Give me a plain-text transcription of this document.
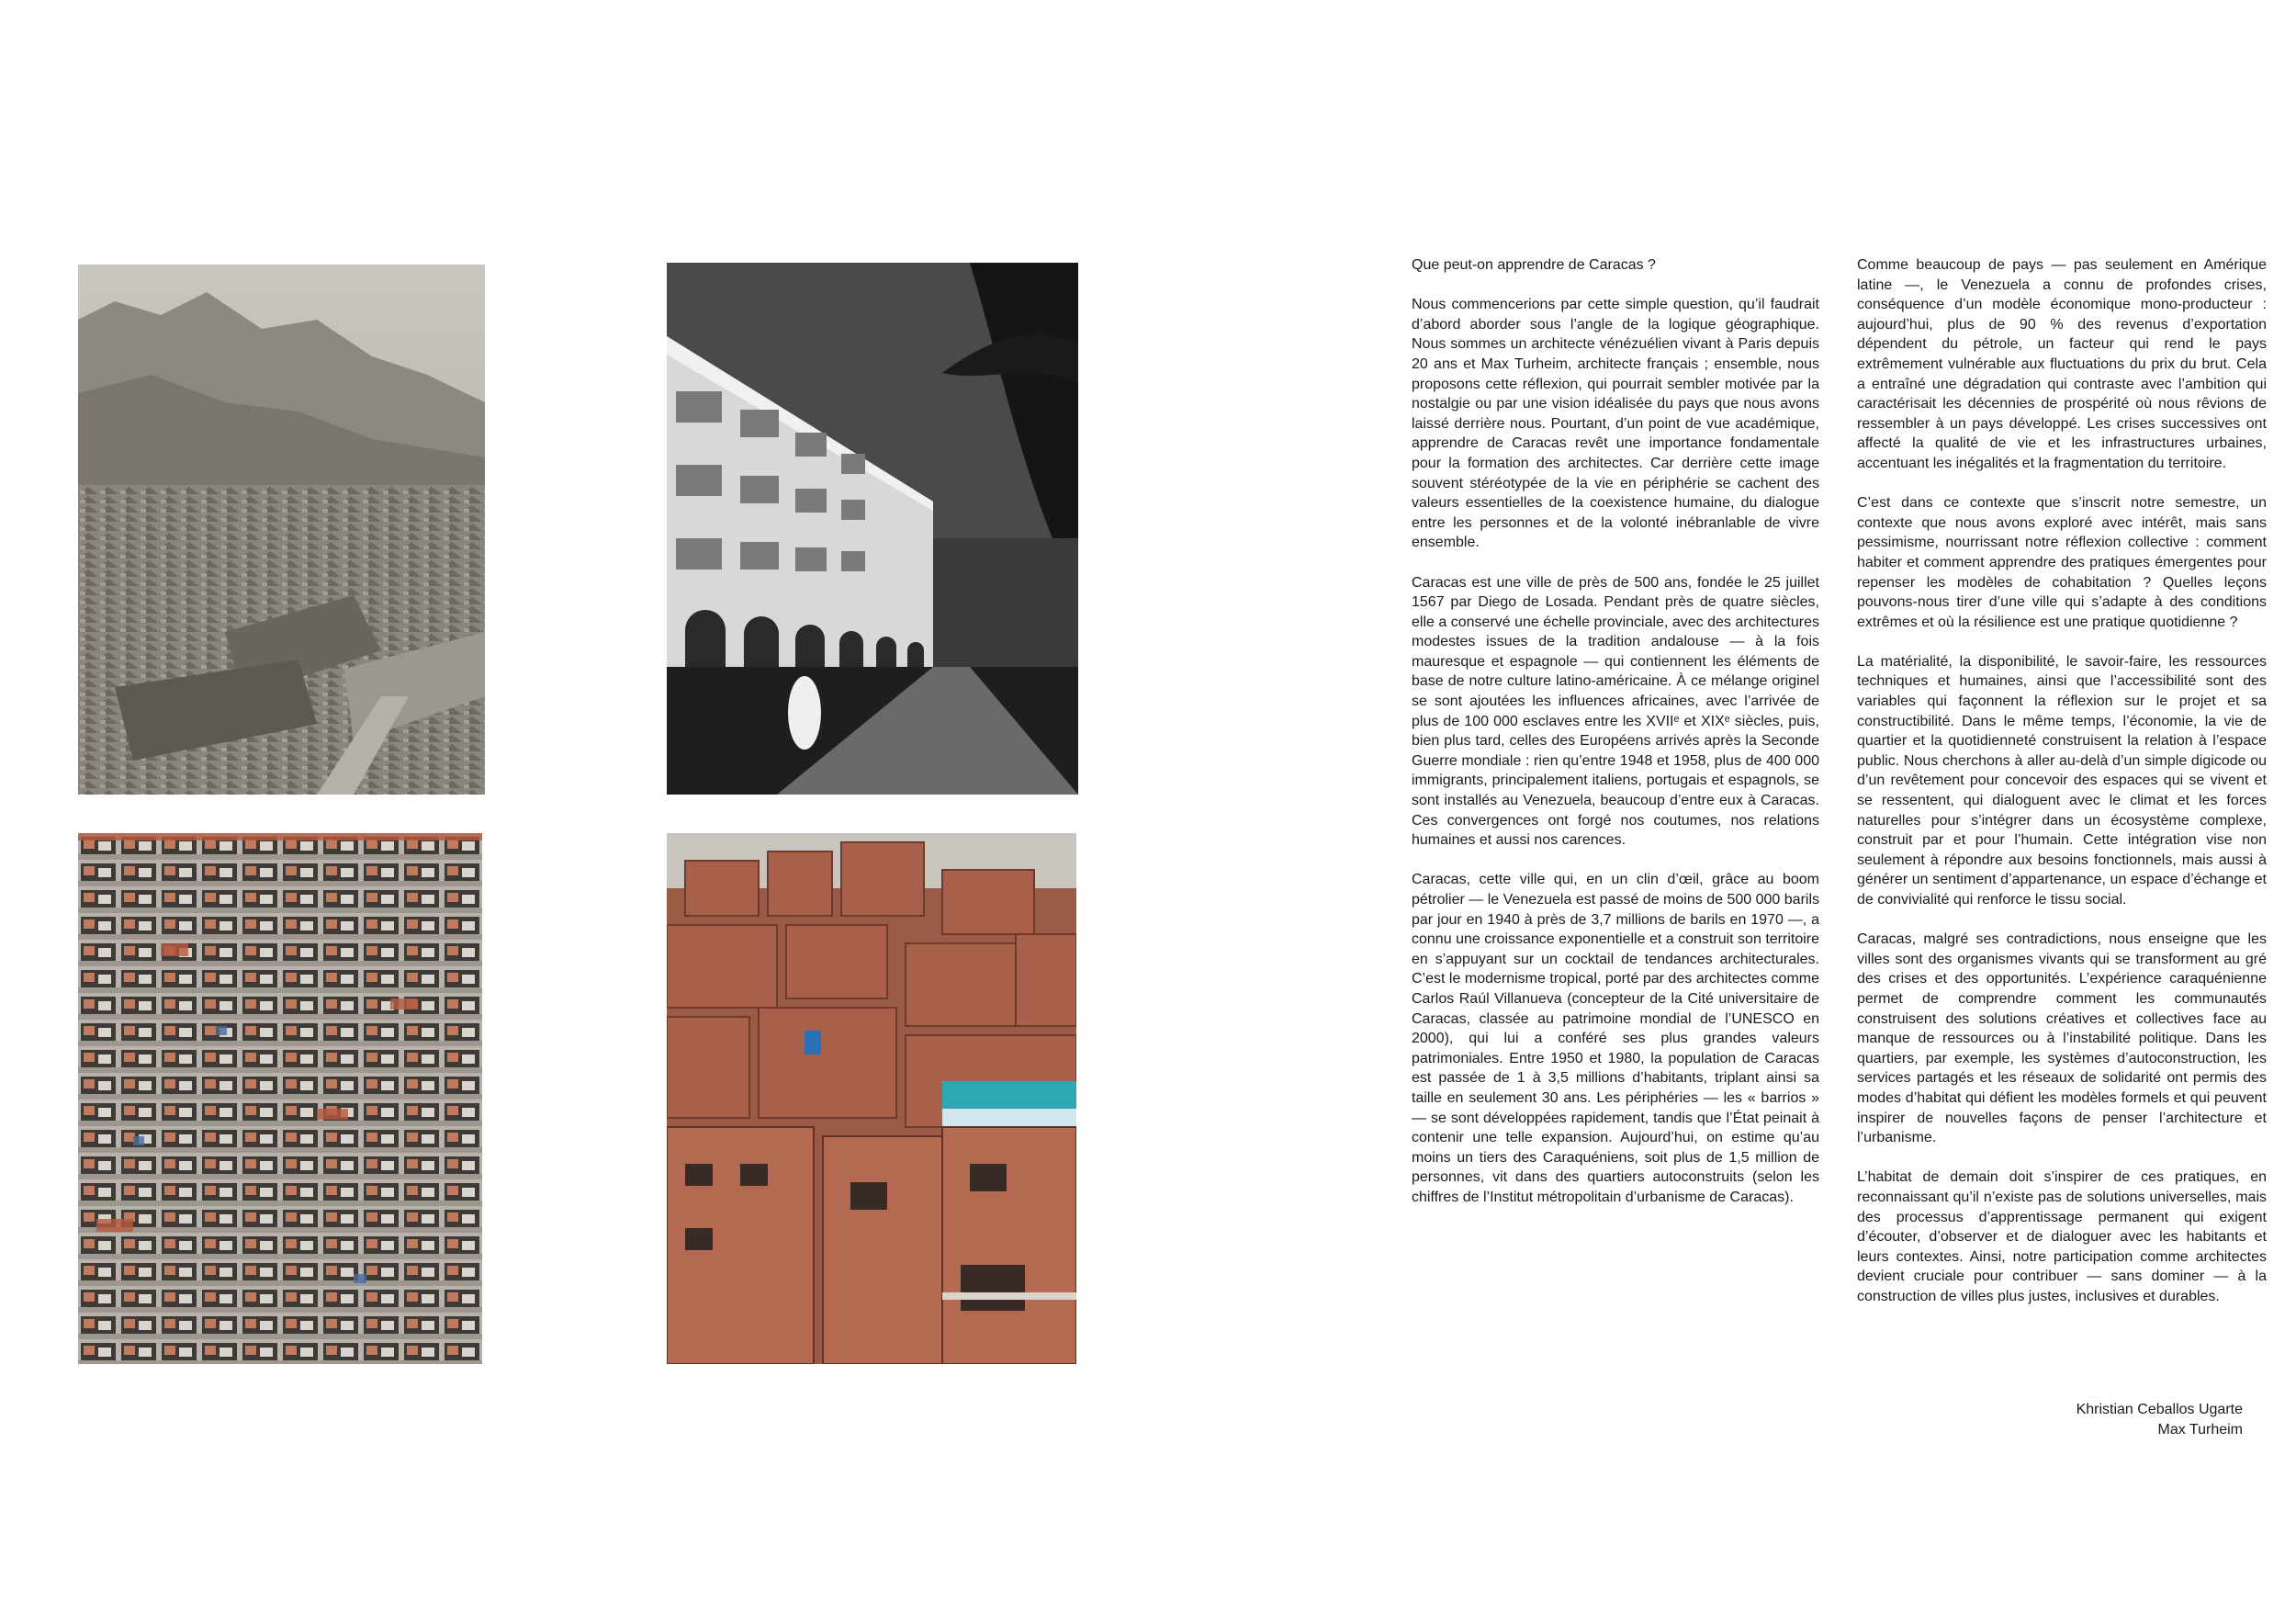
Que peut-on apprendre de Caracas ?

Nous commencerions par cette simple question, qu’il faudrait d’abord aborder sous l’angle de la logique géographique. Nous sommes un architecte vénézuélien vivant à Paris depuis 20 ans et Max Turheim, architecte français ; ensemble, nous proposons cette réflexion, qui pourrait sembler motivée par la nostalgie ou par une vision idéalisée du pays que nous avons laissé derrière nous. Pourtant, d’un point de vue académique, apprendre de Caracas revêt une importance fondamentale pour la formation des architectes. Car derrière cette image souvent stéréotypée de la vie en périphérie se cachent des valeurs essentielles de la coexistence humaine, du dialogue entre les personnes et de la volonté inébranlable de vivre ensemble.

Caracas est une ville de près de 500 ans, fondée le 25 juillet 1567 par Diego de Losada. Pendant près de quatre siècles, elle a conservé une échelle provinciale, avec des architectures modestes issues de la tradition andalouse — à la fois mauresque et espagnole — qui contiennent les éléments de base de notre culture latino-américaine. À ce mélange originel se sont ajoutées les influences africaines, avec l’arrivée de plus de 100 000 esclaves entre les XVIIᵉ et XIXᵉ siècles, puis, bien plus tard, celles des Européens arrivés après la Seconde Guerre mondiale : rien qu’entre 1948 et 1958, plus de 400 000 immigrants, principalement italiens, portugais et espagnols, se sont installés au Venezuela, beaucoup d’entre eux à Caracas. Ces convergences ont forgé nos coutumes, nos relations humaines et aussi nos carences.

Caracas, cette ville qui, en un clin d’œil, grâce au boom pétrolier — le Venezuela est passé de moins de 500 000 barils par jour en 1940 à près de 3,7 millions de barils en 1970 —, a connu une croissance exponentielle et a construit son territoire en s’appuyant sur un cocktail de tendances architecturales. C’est le modernisme tropical, porté par des architectes comme Carlos Raúl Villanueva (concepteur de la Cité universitaire de Caracas, classée au patrimoine mondial de l’UNESCO en 2000), qui lui a conféré ses plus grandes valeurs patrimoniales. Entre 1950 et 1980, la population de Caracas est passée de 1 à 3,5 millions d’habitants, triplant ainsi sa taille en seulement 30 ans. Les périphéries — les « barrios » — se sont développées rapidement, tandis que l’État peinait à contenir une telle expansion. Aujourd’hui, on estime qu’au moins un tiers des Caraquéniens, soit plus de 1,5 million de personnes, vit dans des quartiers autoconstruits (selon les chiffres de l’Institut métropolitain d’urbanisme de Caracas).

Comme beaucoup de pays — pas seulement en Amérique latine —, le Venezuela a connu de profondes crises, conséquence d’un modèle économique mono-producteur : aujourd’hui, plus de 90 % des revenus d’exportation dépendent du pétrole, un facteur qui rend le pays extrêmement vulnérable aux fluctuations du prix du brut. Cela a entraîné une dégradation qui contraste avec l’ambition qui caractérisait les décennies de prospérité où nous rêvions de ressembler à un pays développé. Les crises successives ont affecté la qualité de vie et les infrastructures urbaines, accentuant les inégalités et la fragmentation du territoire.

C’est dans ce contexte que s’inscrit notre semestre, un contexte que nous avons exploré avec intérêt, mais sans pessimisme, nourrissant notre réflexion collective : comment habiter et comment apprendre des pratiques émergentes pour repenser les modèles de cohabitation ? Quelles leçons pouvons-nous tirer d’une ville qui s’adapte à des conditions extrêmes et où la résilience est une pratique quotidienne ?

La matérialité, la disponibilité, le savoir-faire, les ressources techniques et humaines, ainsi que l’accessibilité sont des variables qui façonnent la réflexion sur le projet et sa constructibilité. Dans le même temps, l’économie, la vie de quartier et la quotidienneté construisent la relation à l’espace public. Nous cherchons à aller au-delà d’un simple digicode ou d’un revêtement pour concevoir des espaces qui se vivent et se ressentent, qui dialoguent avec le climat et les forces naturelles pour s’intégrer dans un écosystème complexe, construit par et pour l’humain. Cette intégration vise non seulement à répondre aux besoins fonctionnels, mais aussi à générer un sentiment d’appartenance, un espace d’échange et de convivialité qui renforce le tissu social.

Caracas, malgré ses contradictions, nous enseigne que les villes sont des organismes vivants qui se transforment au gré des crises et des opportunités. L’expérience caraquénienne permet de comprendre comment les communautés construisent des solutions créatives et collectives face au manque de ressources ou à l’instabilité politique. Dans les quartiers, par exemple, les systèmes d’autoconstruction, les services partagés et les réseaux de solidarité ont permis des modes d’habitat qui défient les modèles formels et qui peuvent inspirer de nouvelles façons de penser l’architecture et l’urbanisme.

L’habitat de demain doit s’inspirer de ces pratiques, en reconnaissant qu’il n’existe pas de solutions universelles, mais des processus d’apprentissage permanent qui exigent d’écouter, d’observer et de dialoguer avec les habitants et leurs contextes. Ainsi, notre participation comme architectes devient cruciale pour contribuer — sans dominer — à la construction de villes plus justes, inclusives et durables.

Khristian Ceballos Ugarte
Max Turheim
